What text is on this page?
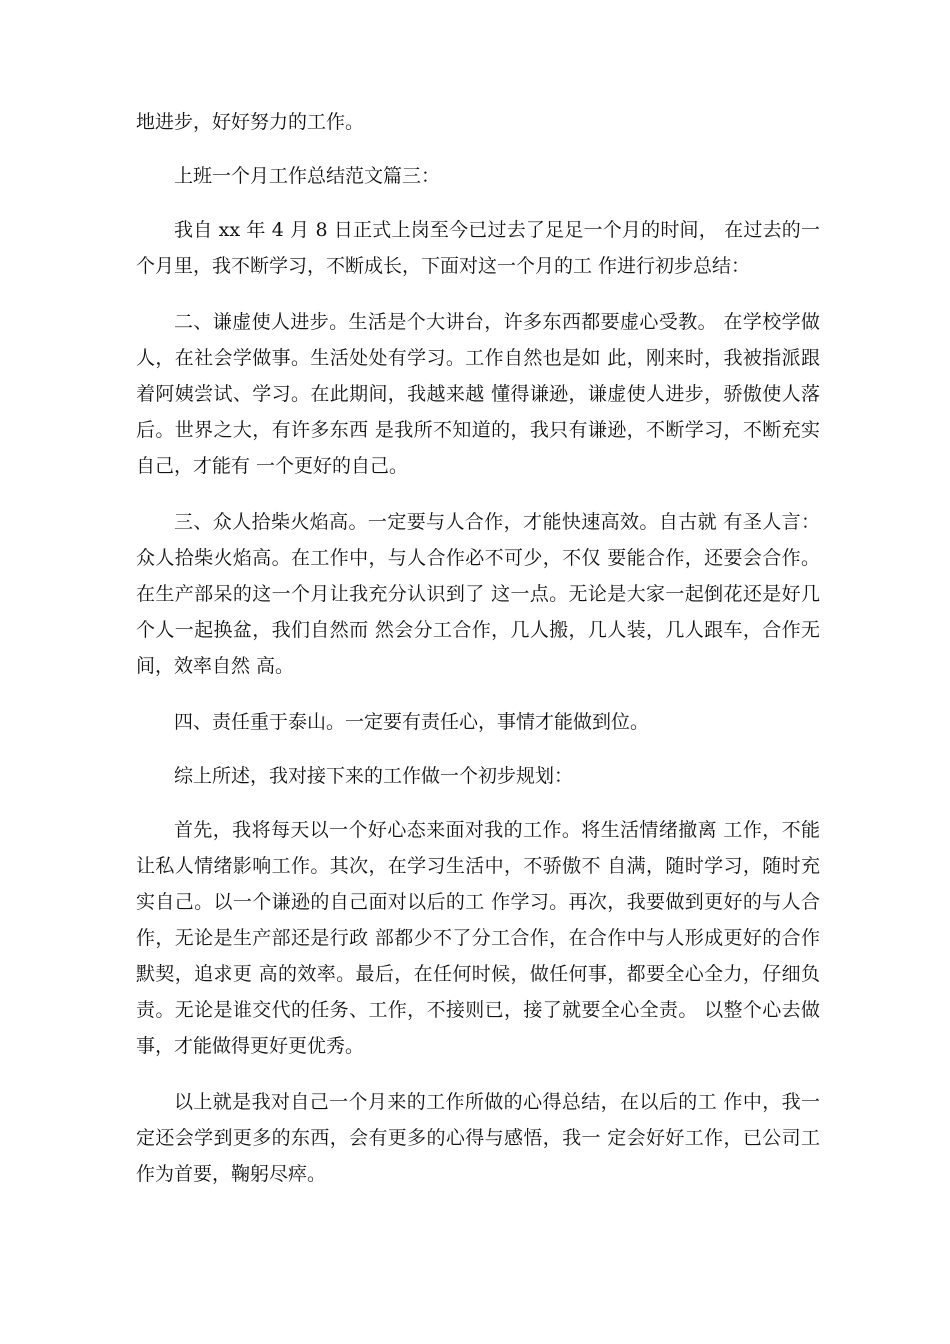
地进步，好好努力的工作。

上班一个月工作总结范文篇三：

我自 xx 年 4 月 8 日正式上岗至今已过去了足足一个月的时间， 在过去的一个月里，我不断学习，不断成长，下面对这一个月的工 作进行初步总结：

二、谦虚使人进步。生活是个大讲台，许多东西都要虚心受教。 在学校学做人，在社会学做事。生活处处有学习。工作自然也是如 此，刚来时，我被指派跟着阿姨尝试、学习。在此期间，我越来越 懂得谦逊，谦虚使人进步，骄傲使人落后。世界之大，有许多东西 是我所不知道的，我只有谦逊，不断学习，不断充实自己，才能有 一个更好的自己。

三、众人拾柴火焰高。一定要与人合作，才能快速高效。自古就 有圣人言：众人拾柴火焰高。在工作中，与人合作必不可少，不仅 要能合作，还要会合作。在生产部呆的这一个月让我充分认识到了 这一点。无论是大家一起倒花还是好几个人一起换盆，我们自然而 然会分工合作，几人搬，几人装，几人跟车，合作无间，效率自然 高。

四、责任重于泰山。一定要有责任心，事情才能做到位。

综上所述，我对接下来的工作做一个初步规划：

首先，我将每天以一个好心态来面对我的工作。将生活情绪撤离 工作，不能让私人情绪影响工作。其次，在学习生活中，不骄傲不 自满，随时学习，随时充实自己。以一个谦逊的自己面对以后的工 作学习。再次，我要做到更好的与人合作，无论是生产部还是行政 部都少不了分工合作，在合作中与人形成更好的合作默契，追求更 高的效率。最后，在任何时候，做任何事，都要全心全力，仔细负 责。无论是谁交代的任务、工作，不接则已，接了就要全心全责。 以整个心去做事，才能做得更好更优秀。

以上就是我对自己一个月来的工作所做的心得总结，在以后的工 作中，我一定还会学到更多的东西，会有更多的心得与感悟，我一 定会好好工作，已公司工作为首要，鞠躬尽瘁。
